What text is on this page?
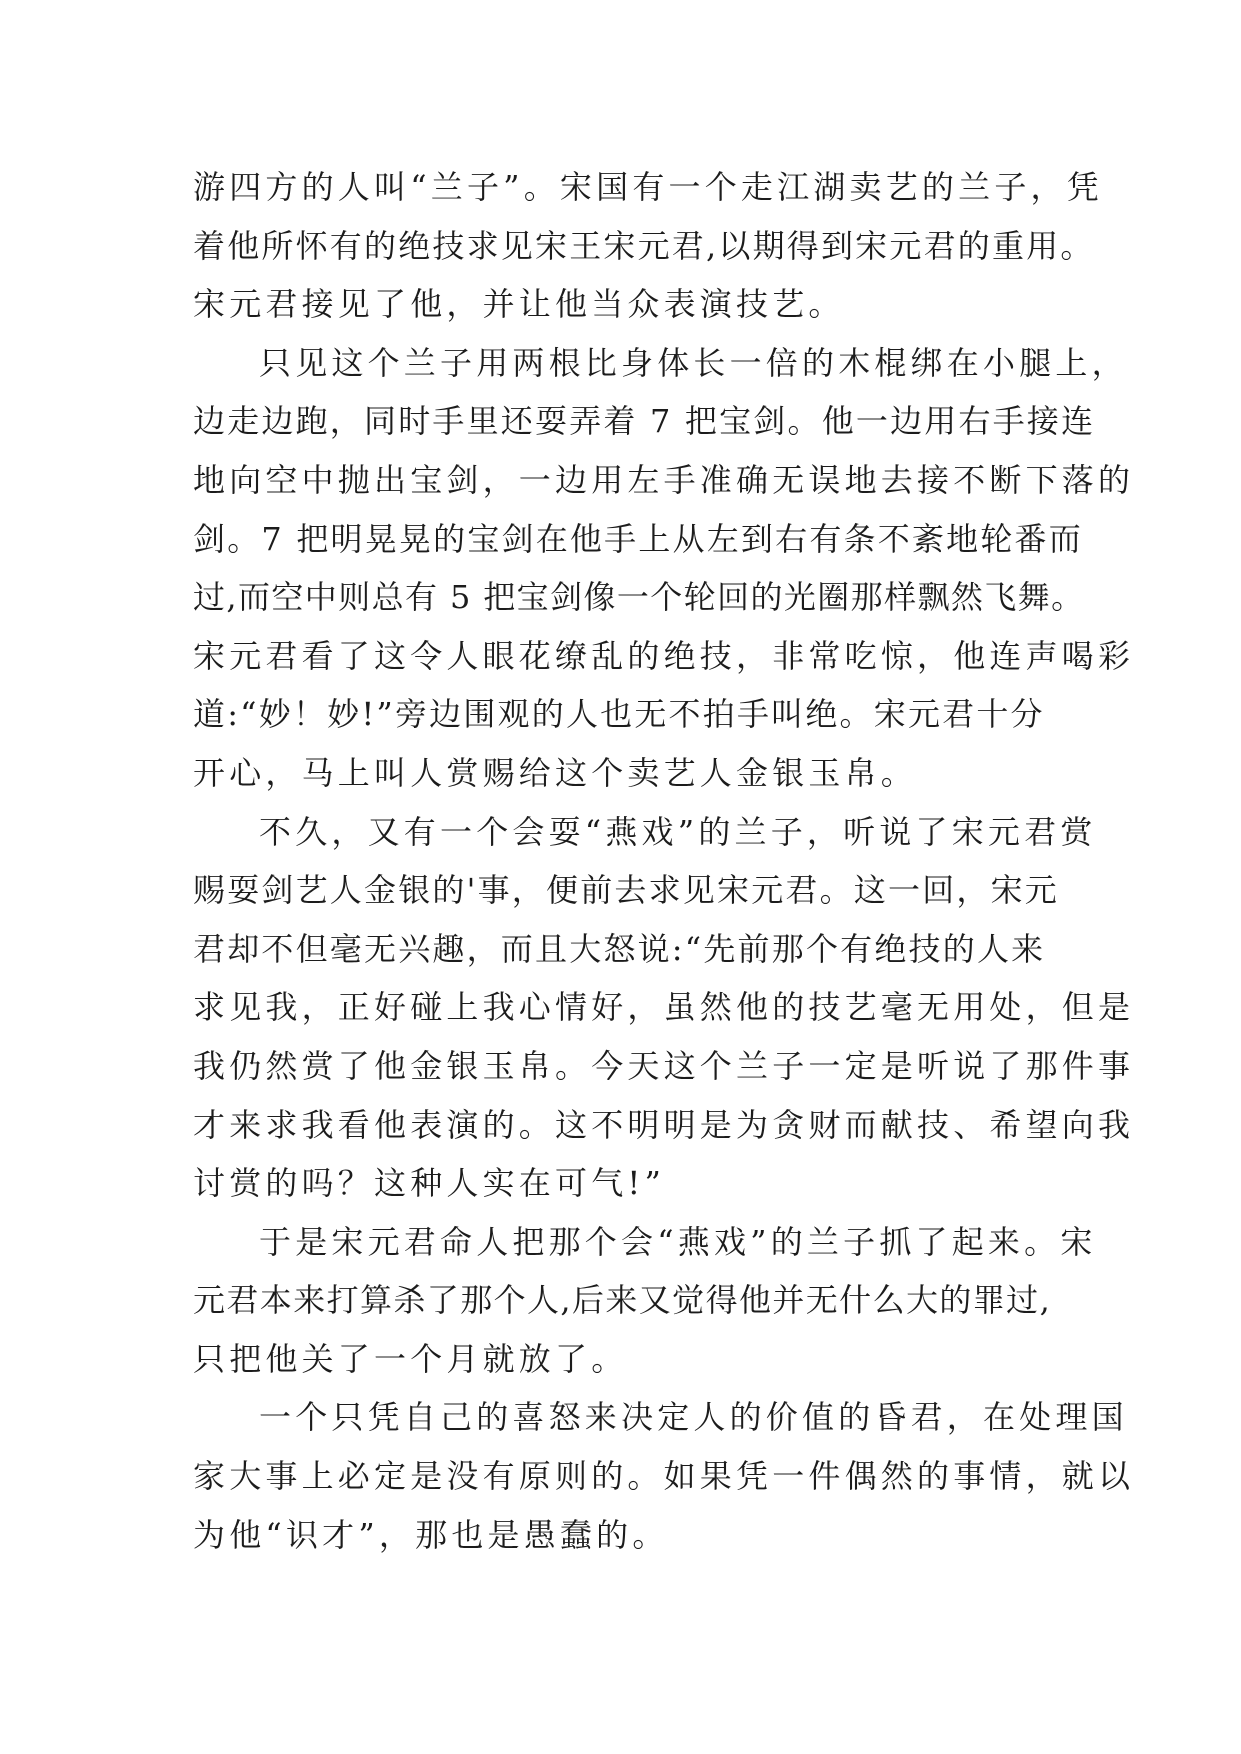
游四方的人叫“兰子”。宋国有一个走江湖卖艺的兰子，凭
着他所怀有的绝技求见宋王宋元君,以期得到宋元君的重用。
宋元君接见了他，并让他当众表演技艺。
只见这个兰子用两根比身体长一倍的木棍绑在小腿上，
边走边跑，同时手里还耍弄着 7 把宝剑。他一边用右手接连
地向空中抛出宝剑，一边用左手准确无误地去接不断下落的
剑。7 把明晃晃的宝剑在他手上从左到右有条不紊地轮番而
过,而空中则总有 5 把宝剑像一个轮回的光圈那样飘然飞舞。
宋元君看了这令人眼花缭乱的绝技，非常吃惊，他连声喝彩
道:“妙！妙!”旁边围观的人也无不拍手叫绝。宋元君十分
开心，马上叫人赏赐给这个卖艺人金银玉帛。
不久，又有一个会耍“燕戏”的兰子，听说了宋元君赏
赐耍剑艺人金银的'事，便前去求见宋元君。这一回，宋元
君却不但毫无兴趣，而且大怒说:“先前那个有绝技的人来
求见我，正好碰上我心情好，虽然他的技艺毫无用处，但是
我仍然赏了他金银玉帛。今天这个兰子一定是听说了那件事
才来求我看他表演的。这不明明是为贪财而献技、希望向我
讨赏的吗？这种人实在可气!”
于是宋元君命人把那个会“燕戏”的兰子抓了起来。宋
元君本来打算杀了那个人,后来又觉得他并无什么大的罪过,
只把他关了一个月就放了。
一个只凭自己的喜怒来决定人的价值的昏君，在处理国
家大事上必定是没有原则的。如果凭一件偶然的事情，就以
为他“识才”，那也是愚蠢的。
